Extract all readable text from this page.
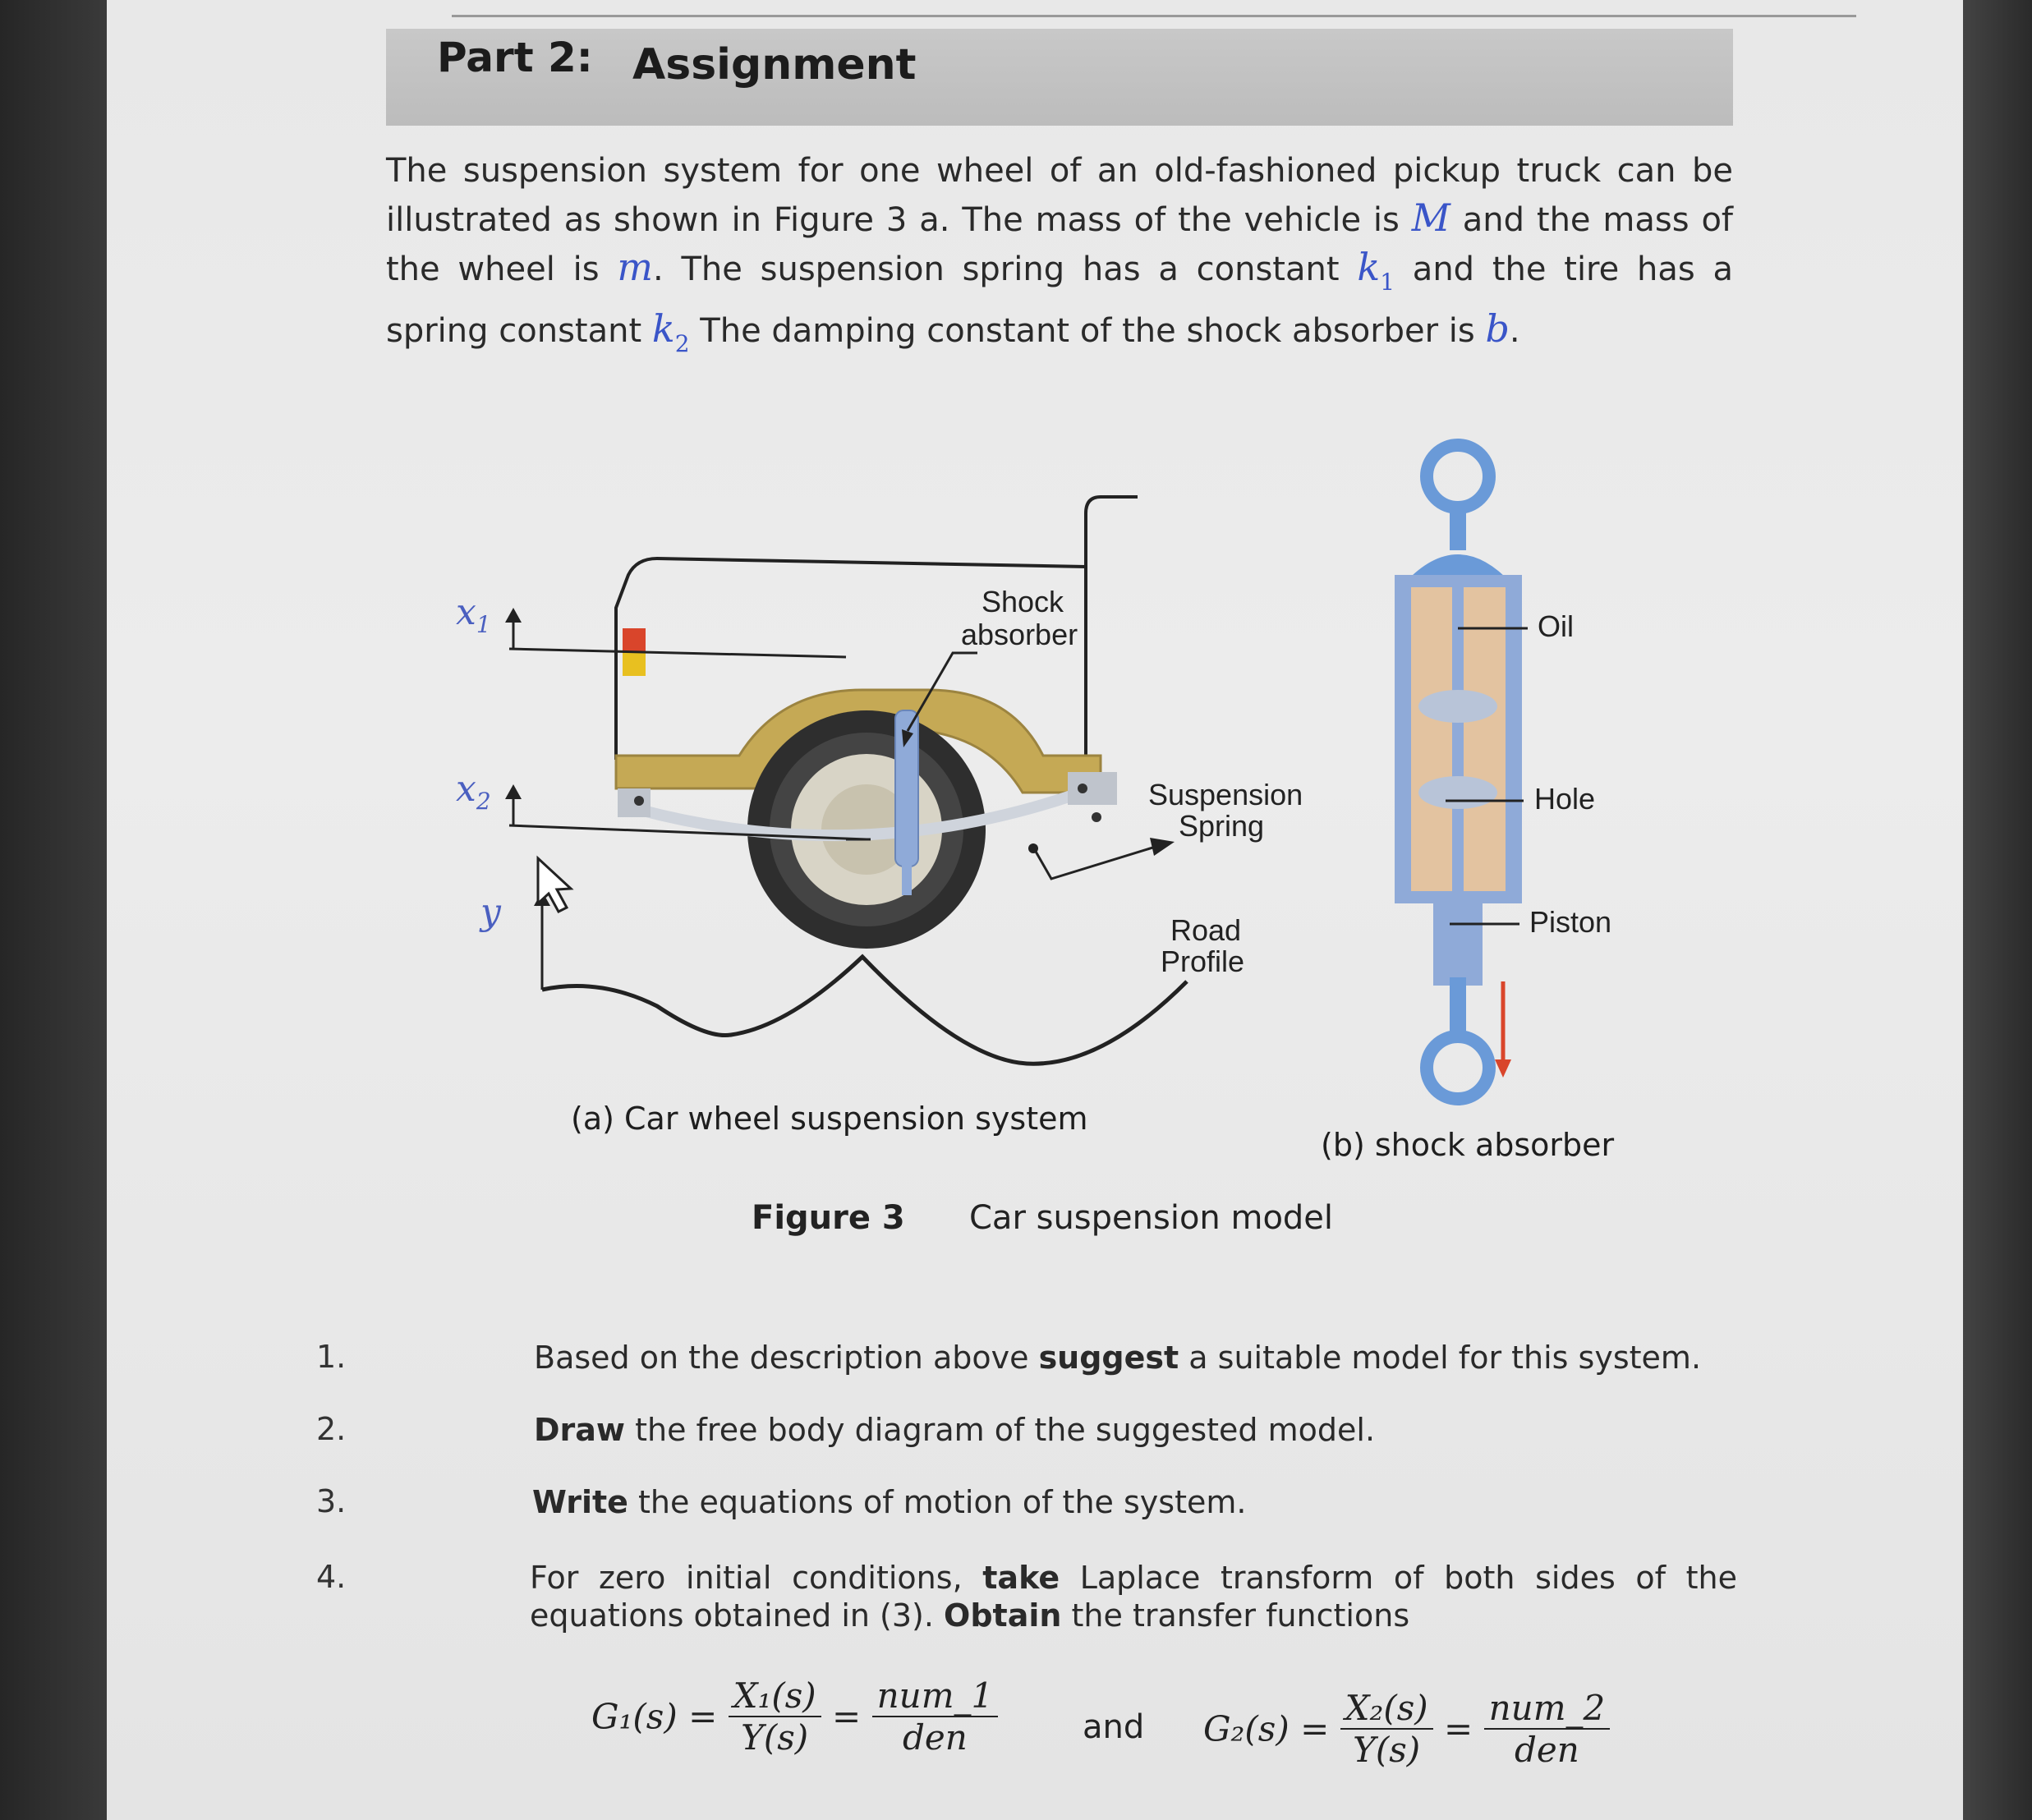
Part 2: Assignment
The suspension system for one wheel of an old-fashioned pickup truck can be illustrated as shown in Figure 3 a. The mass of the vehicle is M and the mass of the wheel is m. The suspension spring has a constant $k_1$ and the tire has a spring constant $k_2$ The damping constant of the shock absorber is b.
$x_1$
$x_2$
y
Shock
absorber
Suspension
Spring
Road
Profile
Oil
Hole
Piston
(a) Car wheel suspension system
(b) shock absorber
Figure 3 Car suspension model
1.	Based on the description above suggest a suitable model for this system.
2.	Draw the free body diagram of the suggested model.
3.	Write the equations of motion of the system.
4.	For zero initial conditions, take Laplace transform of both sides of the equations obtained in (3). Obtain the transfer functions
$G_1(s) = \frac{\text{X₁(s)}}{Y(s)} = \frac{\text{num\_1}}{\text{den}}$	and $G_2(s) = \frac{\text{X₂(s)}}{Y(s)} = \frac{\text{num\_2}}{\text{den}}$
